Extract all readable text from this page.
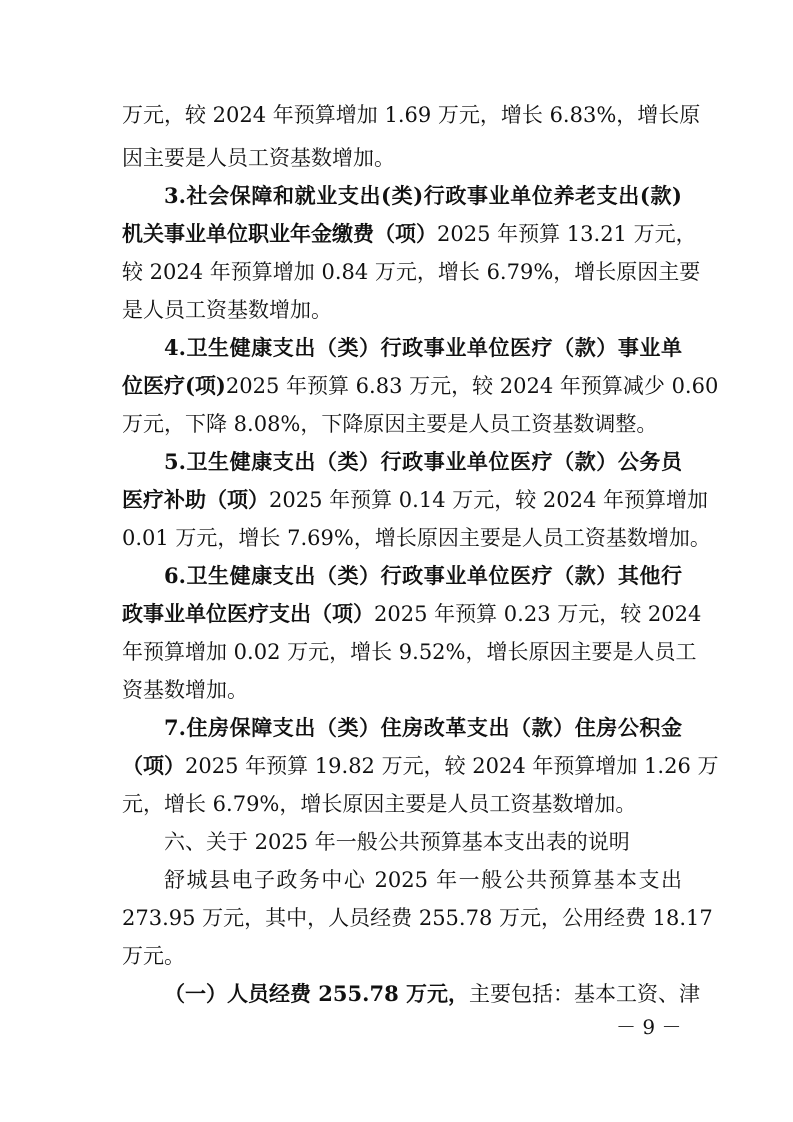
万元，较 2024 年预算增加 1.69 万元，增长 6.83%，增长原
因主要是人员工资基数增加。
3.社会保障和就业支出(类)行政事业单位养老支出(款)
机关事业单位职业年金缴费（项）2025 年预算 13.21 万元，
较 2024 年预算增加 0.84 万元，增长 6.79%，增长原因主要
是人员工资基数增加。
4.卫生健康支出（类）行政事业单位医疗（款）事业单
位医疗(项)2025 年预算 6.83 万元，较 2024 年预算减少 0.60
万元，下降 8.08%，下降原因主要是人员工资基数调整。
5.卫生健康支出（类）行政事业单位医疗（款）公务员
医疗补助（项）2025 年预算 0.14 万元，较 2024 年预算增加
0.01 万元，增长 7.69%，增长原因主要是人员工资基数增加。
6.卫生健康支出（类）行政事业单位医疗（款）其他行
政事业单位医疗支出（项）2025 年预算 0.23 万元，较 2024
年预算增加 0.02 万元，增长 9.52%，增长原因主要是人员工
资基数增加。
7.住房保障支出（类）住房改革支出（款）住房公积金
（项）2025 年预算 19.82 万元，较 2024 年预算增加 1.26 万
元，增长 6.79%，增长原因主要是人员工资基数增加。
六、关于 2025 年一般公共预算基本支出表的说明
舒城县电子政务中心 2025 年一般公共预算基本支出
273.95 万元，其中，人员经费 255.78 万元，公用经费 18.17
万元。
（一）人员经费 255.78 万元，主要包括：基本工资、津
－ 9 －
